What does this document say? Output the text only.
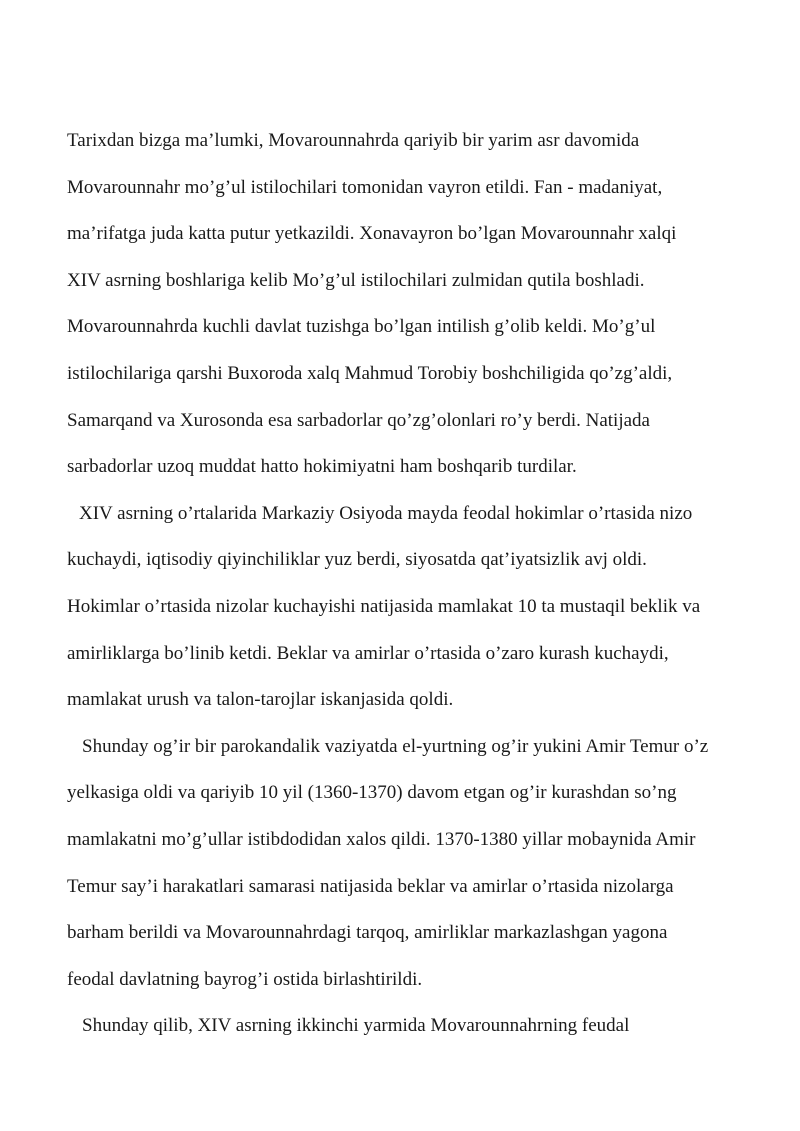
Tarixdan bizga ma’lumki, Movarounnahrda qariyib bir yarim asr davomida
Movarounnahr mo’g’ul istilochilari tomonidan vayron etildi. Fan - madaniyat,
ma’rifatga juda katta putur yetkazildi. Xonavayron bo’lgan Movarounnahr xalqi
XIV asrning boshlariga kelib Mo’g’ul istilochilari zulmidan qutila boshladi.
Movarounnahrda kuchli davlat tuzishga bo’lgan intilish g’olib keldi. Mo’g’ul
istilochilariga qarshi Buxoroda xalq Mahmud Torobiy boshchiligida qo’zg’aldi,
Samarqand va Xurosonda esa sarbadorlar qo’zg’olonlari ro’y berdi. Natijada
sarbadorlar uzoq muddat hatto hokimiyatni ham boshqarib turdilar.
XIV asrning o’rtalarida Markaziy Osiyoda mayda feodal hokimlar o’rtasida nizo
kuchaydi, iqtisodiy qiyinchiliklar yuz berdi, siyosatda qat’iyatsizlik avj oldi.
Hokimlar o’rtasida nizolar kuchayishi natijasida mamlakat 10 ta mustaqil beklik va
amirliklarga bo’linib ketdi. Beklar va amirlar o’rtasida o’zaro kurash kuchaydi,
mamlakat urush va talon-tarojlar iskanjasida qoldi.
Shunday og’ir bir parokandalik vaziyatda el-yurtning og’ir yukini Amir Temur o’z
yelkasiga oldi va qariyib 10 yil (1360-1370) davom etgan og’ir kurashdan so’ng
mamlakatni mo’g’ullar istibdodidan xalos qildi. 1370-1380 yillar mobaynida Amir
Temur say’i harakatlari samarasi natijasida beklar va amirlar o’rtasida nizolarga
barham berildi va Movarounnahrdagi tarqoq, amirliklar markazlashgan yagona
feodal davlatning bayrog’i ostida birlashtirildi.
Shunday qilib, XIV asrning ikkinchi yarmida Movarounnahrning feudal
